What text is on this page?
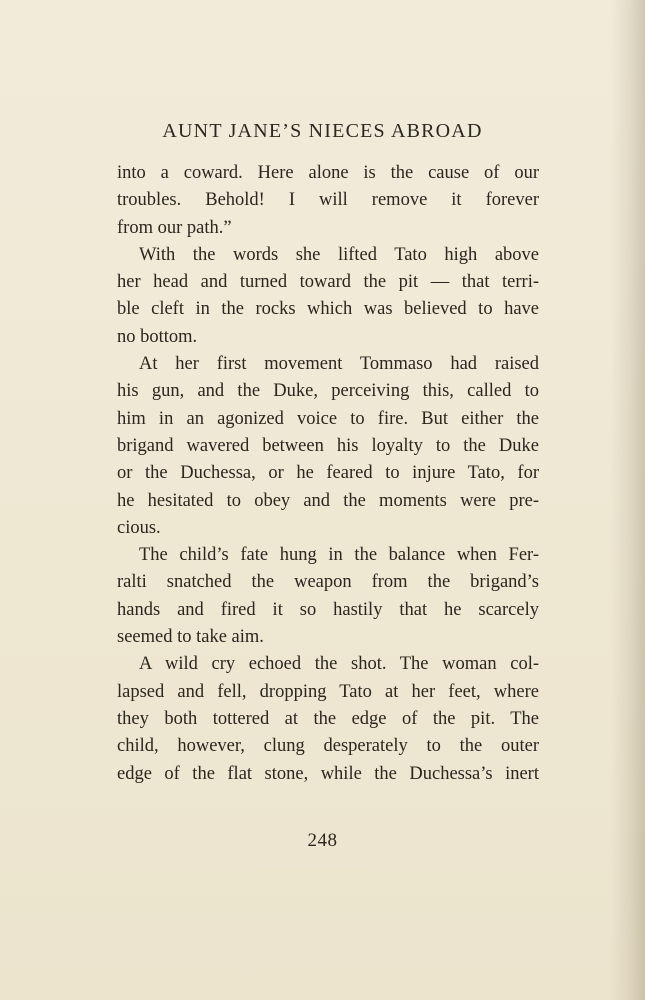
AUNT JANE’S NIECES ABROAD
into a coward. Here alone is the cause of our
troubles. Behold! I will remove it forever
from our path.”
With the words she lifted Tato high above
her head and turned toward the pit — that terri-
ble cleft in the rocks which was believed to have
no bottom.
At her first movement Tommaso had raised
his gun, and the Duke, perceiving this, called to
him in an agonized voice to fire. But either the
brigand wavered between his loyalty to the Duke
or the Duchessa, or he feared to injure Tato, for
he hesitated to obey and the moments were pre-
cious.
The child’s fate hung in the balance when Fer-
ralti snatched the weapon from the brigand’s
hands and fired it so hastily that he scarcely
seemed to take aim.
A wild cry echoed the shot. The woman col-
lapsed and fell, dropping Tato at her feet, where
they both tottered at the edge of the pit. The
child, however, clung desperately to the outer
edge of the flat stone, while the Duchessa’s inert
248
